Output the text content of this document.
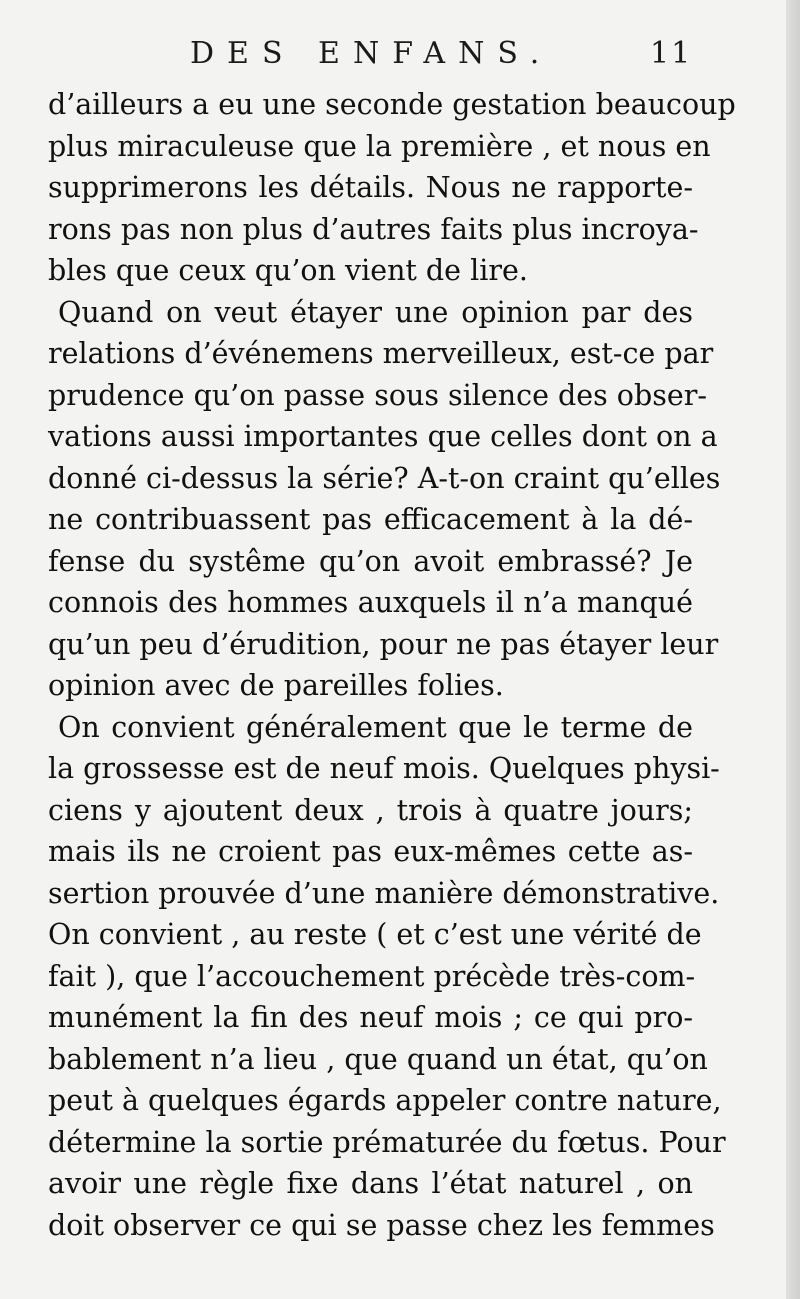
DES ENFANS.	11
d’ailleurs a eu une seconde gestation beaucoup
plus miraculeuse que la première , et nous en
supprimerons les détails. Nous ne rapporte-
rons pas non plus d’autres faits plus incroya-
bles que ceux qu’on vient de lire.
Quand on veut étayer une opinion par des
relations d’événemens merveilleux, est-ce par
prudence qu’on passe sous silence des obser-
vations aussi importantes que celles dont on a
donné ci-dessus la série? A-t-on craint qu’elles
ne contribuassent pas efficacement à la dé-
fense du systême qu’on avoit embrassé? Je
connois des hommes auxquels il n’a manqué
qu’un peu d’érudition, pour ne pas étayer leur
opinion avec de pareilles folies.
On convient généralement que le terme de
la grossesse est de neuf mois. Quelques physi-
ciens y ajoutent deux , trois à quatre jours;
mais ils ne croient pas eux-mêmes cette as-
sertion prouvée d’une manière démonstrative.
On convient , au reste ( et c’est une vérité de
fait ), que l’accouchement précède très-com-
munément la fin des neuf mois ; ce qui pro-
bablement n’a lieu , que quand un état, qu’on
peut à quelques égards appeler contre nature,
détermine la sortie prématurée du fœtus. Pour
avoir une règle fixe dans l’état naturel , on
doit observer ce qui se passe chez les femmes
